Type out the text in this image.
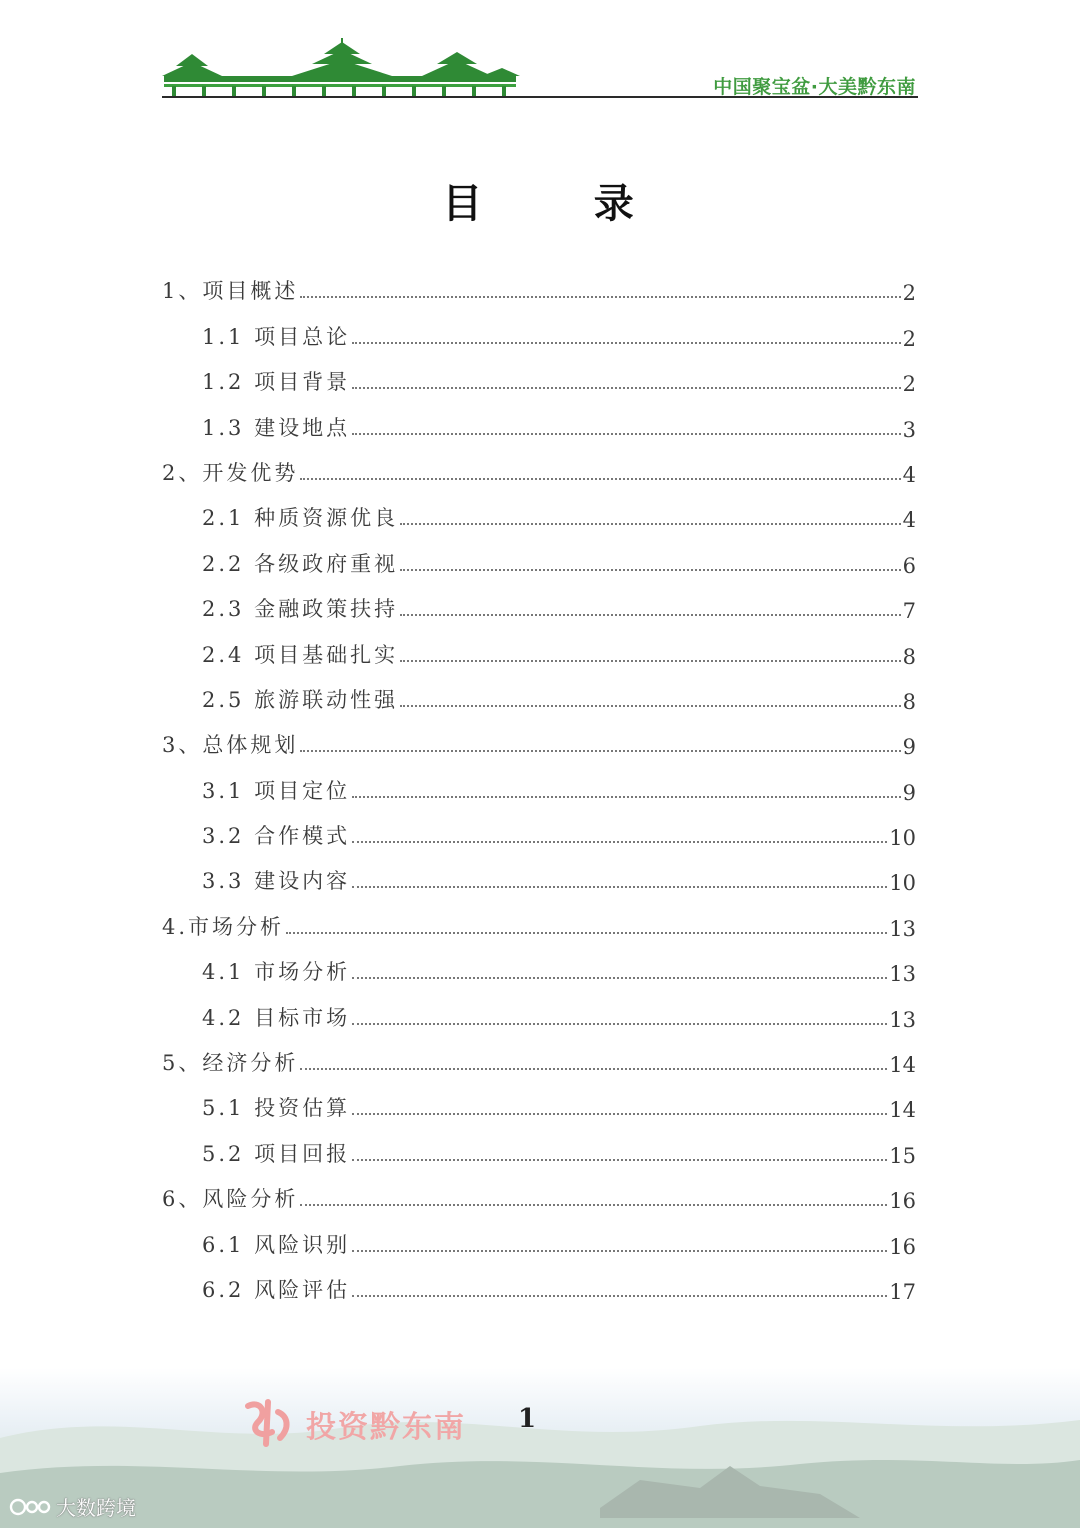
中国聚宝盆·大美黔东南
目      录
1、项目概述	2
1.1 项目总论	2
1.2 项目背景	2
1.3 建设地点	3
2、开发优势	4
2.1 种质资源优良	4
2.2 各级政府重视	6
2.3 金融政策扶持	7
2.4 项目基础扎实	8
2.5 旅游联动性强	8
3、总体规划	9
3.1 项目定位	9
3.2 合作模式	10
3.3 建设内容	10
4.市场分析	13
4.1 市场分析	13
4.2 目标市场	13
5、经济分析	14
5.1 投资估算	14
5.2 项目回报	15
6、风险分析	16
6.1 风险识别	16
6.2 风险评估	17
投资黔东南 1
大数跨境
